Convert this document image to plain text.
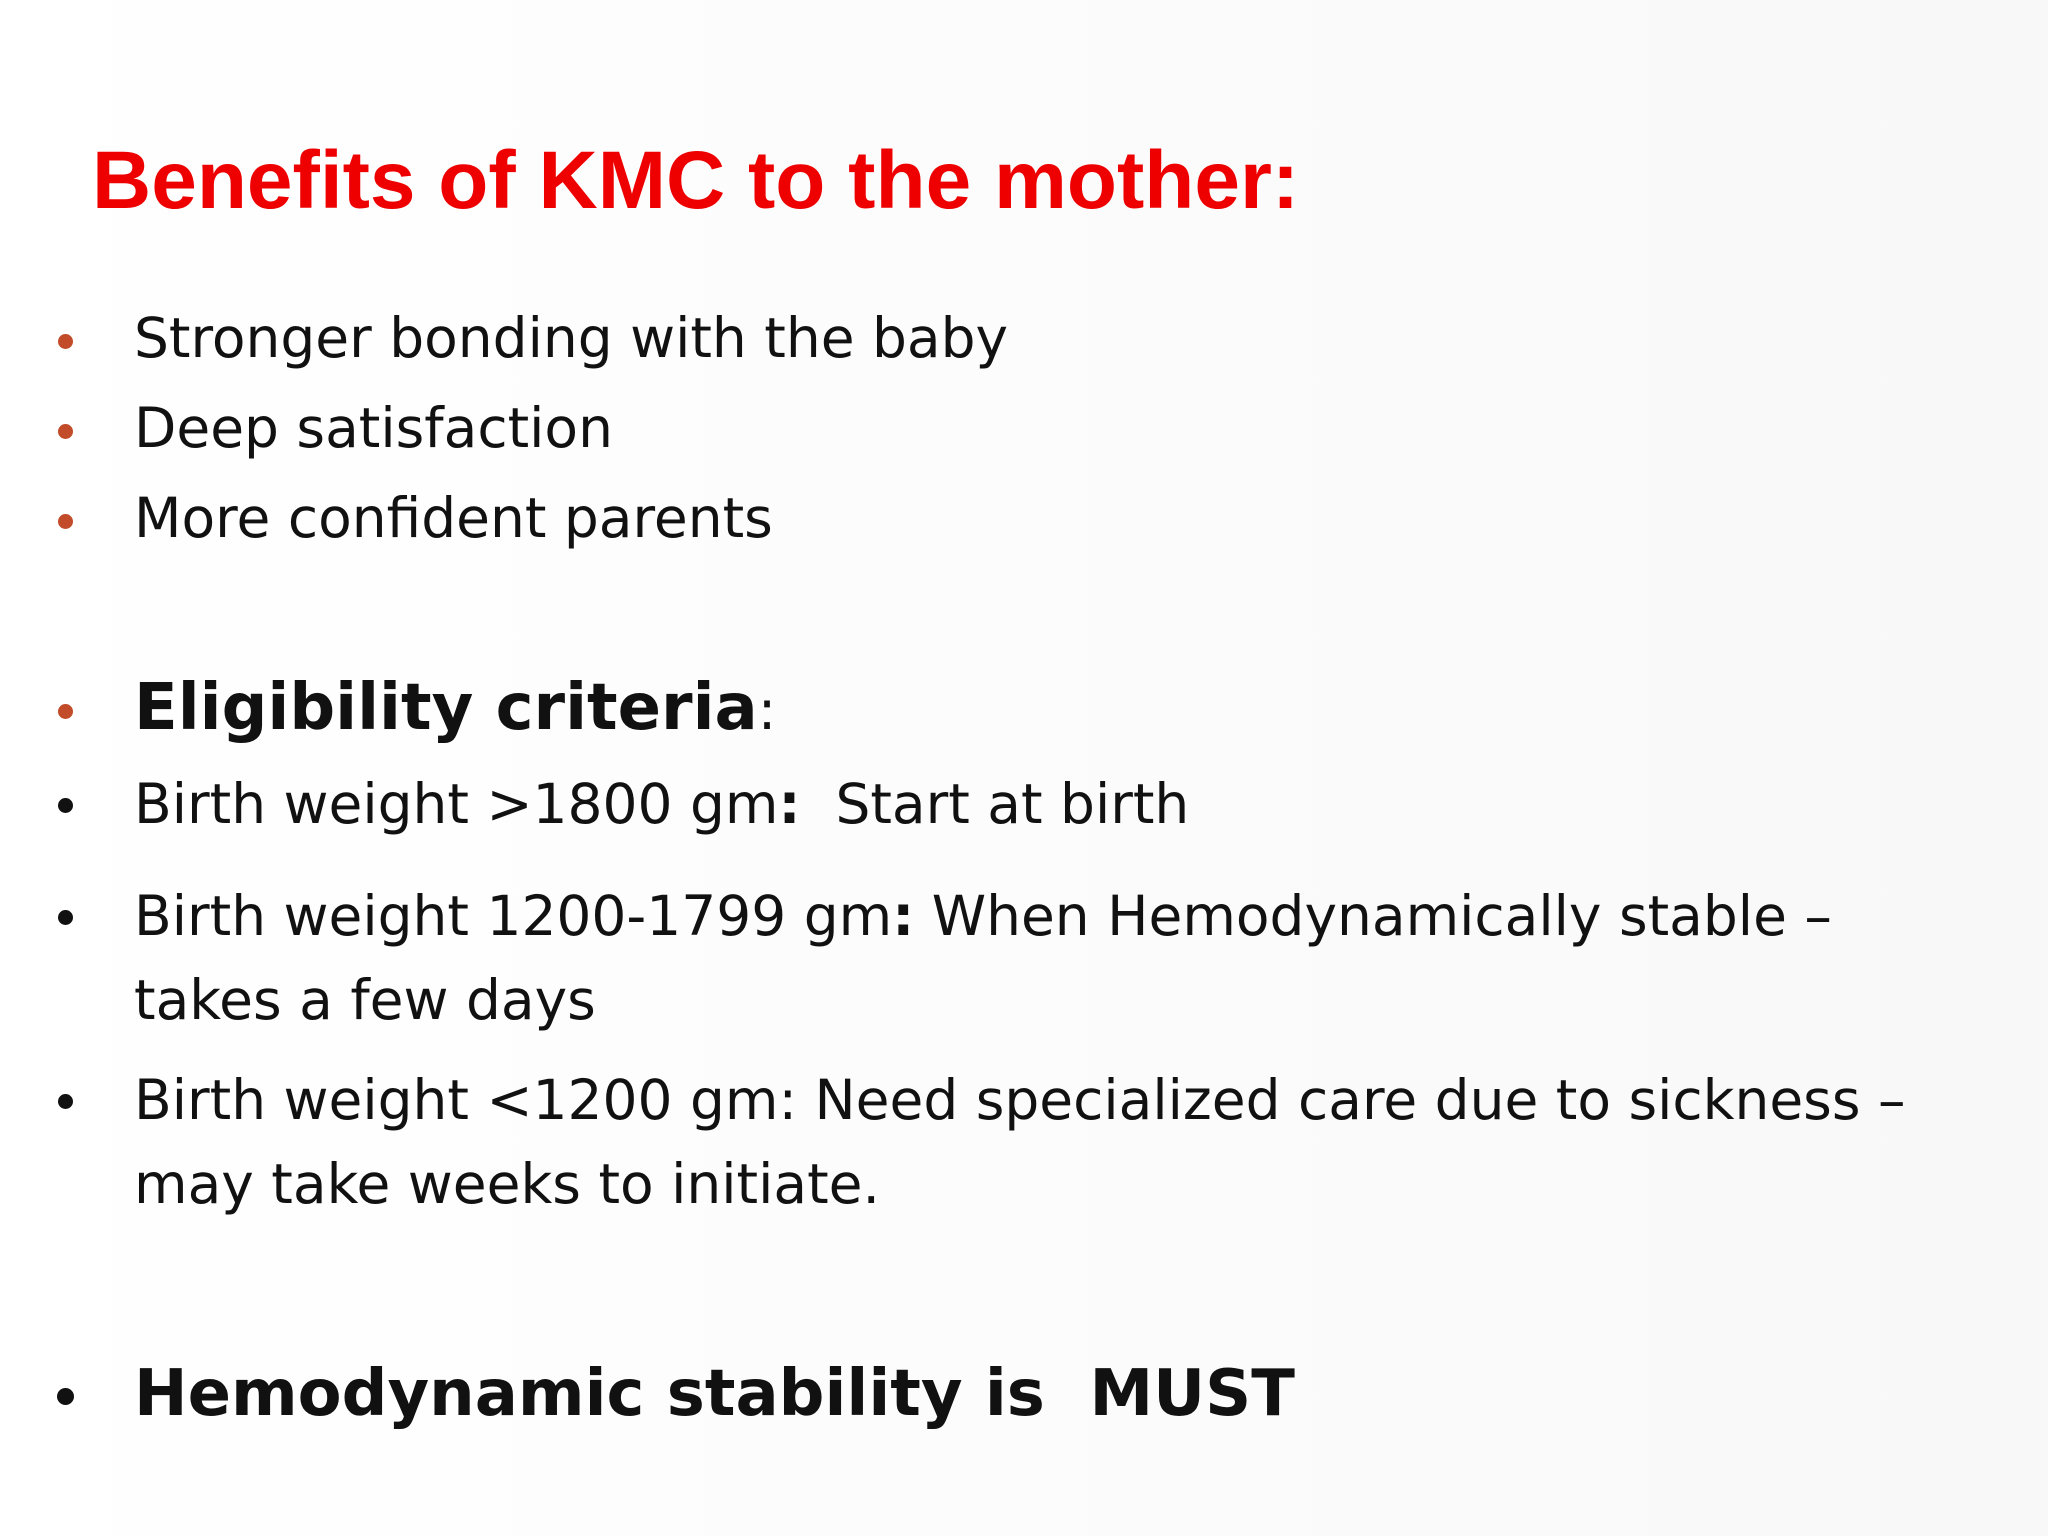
Benefits of KMC to the mother:

Stronger bonding with the baby

Deep satisfaction

More confident parents

Eligibility criteria:

Birth weight >1800 gm:  Start at birth

Birth weight 1200-1799 gm: When Hemodynamically stable – takes a few days

Birth weight <1200 gm: Need specialized care due to sickness – may take weeks to initiate.

Hemodynamic stability is  MUST
